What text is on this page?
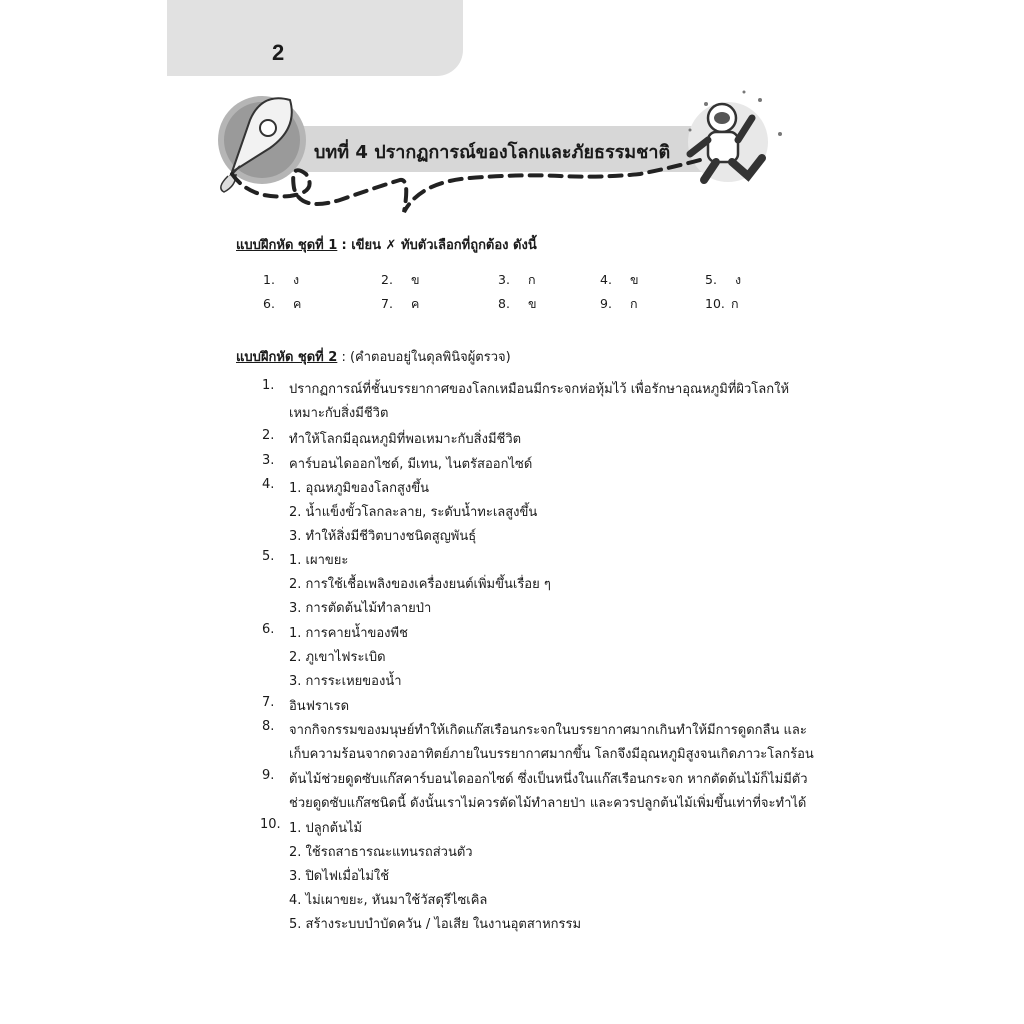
2
บทที่ 4 ปรากฏการณ์ของโลกและภัยธรรมชาติ
แบบฝึกหัด ชุดที่ 1 : เขียน ✗ ทับตัวเลือกที่ถูกต้อง ดังนี้
1. ง	2. ข	3. ก	4. ข	5. ง
6. ค	7. ค	8. ข	9. ก	10. ก
แบบฝึกหัด ชุดที่ 2 : (คำตอบอยู่ในดุลพินิจผู้ตรวจ)
1. ปรากฏการณ์ที่ชั้นบรรยากาศของโลกเหมือนมีกระจกห่อหุ้มไว้ เพื่อรักษาอุณหภูมิที่ผิวโลกให้
เหมาะกับสิ่งมีชีวิต
2. ทำให้โลกมีอุณหภูมิที่พอเหมาะกับสิ่งมีชีวิต
3. คาร์บอนไดออกไซด์, มีเทน, ไนตรัสออกไซด์
4. 1. อุณหภูมิของโลกสูงขึ้น
2. น้ำแข็งขั้วโลกละลาย, ระดับน้ำทะเลสูงขึ้น
3. ทำให้สิ่งมีชีวิตบางชนิดสูญพันธุ์
5. 1. เผาขยะ
2. การใช้เชื้อเพลิงของเครื่องยนต์เพิ่มขึ้นเรื่อย ๆ
3. การตัดต้นไม้ทำลายป่า
6. 1. การคายน้ำของพืช
2. ภูเขาไฟระเบิด
3. การระเหยของน้ำ
7. อินฟราเรด
8. จากกิจกรรมของมนุษย์ทำให้เกิดแก๊สเรือนกระจกในบรรยากาศมากเกินทำให้มีการดูดกลืน และ
เก็บความร้อนจากดวงอาทิตย์ภายในบรรยากาศมากขึ้น โลกจึงมีอุณหภูมิสูงจนเกิดภาวะโลกร้อน
9. ต้นไม้ช่วยดูดซับแก๊สคาร์บอนไดออกไซด์ ซึ่งเป็นหนึ่งในแก๊สเรือนกระจก หากตัดต้นไม้ก็ไม่มีตัว
ช่วยดูดซับแก๊สชนิดนี้ ดังนั้นเราไม่ควรตัดไม้ทำลายป่า และควรปลูกต้นไม้เพิ่มขึ้นเท่าที่จะทำได้
10. 1. ปลูกต้นไม้
2. ใช้รถสาธารณะแทนรถส่วนตัว
3. ปิดไฟเมื่อไม่ใช้
4. ไม่เผาขยะ, หันมาใช้วัสดุรีไซเคิล
5. สร้างระบบบำบัดควัน / ไอเสีย ในงานอุตสาหกรรม
